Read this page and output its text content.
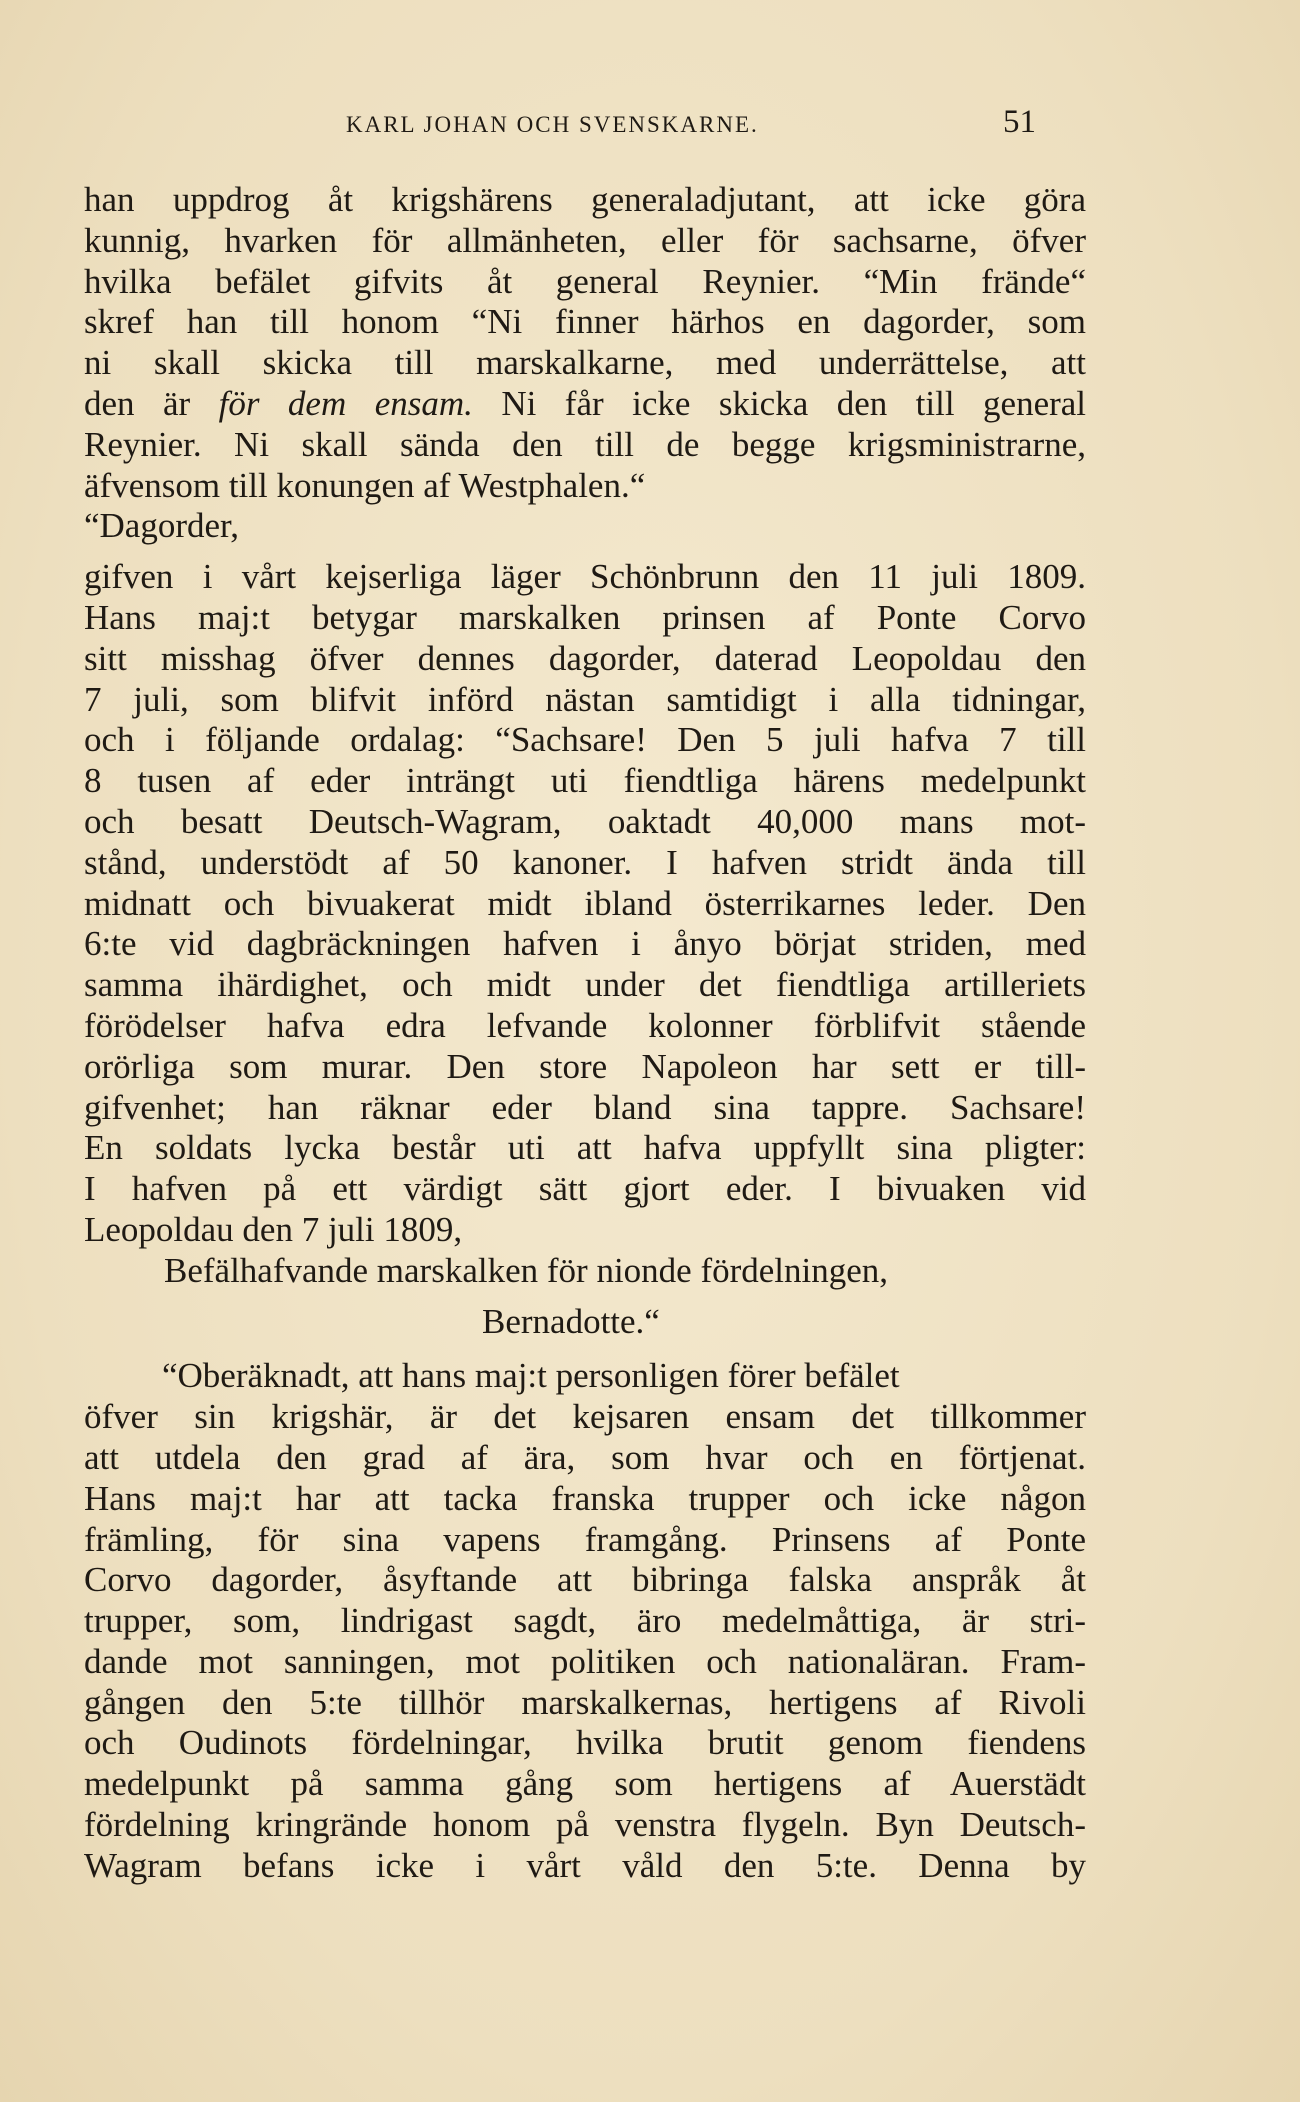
KARL JOHAN OCH SVENSKARNE.	51
han uppdrog åt krigshärens generaladjutant, att icke göra
kunnig, hvarken för allmänheten, eller för sachsarne, öfver
hvilka befälet gifvits åt general Reynier. “Min frände“
skref han till honom “Ni finner härhos en dagorder, som
ni skall skicka till marskalkarne, med underrättelse, att
den är för dem ensam. Ni får icke skicka den till general
Reynier. Ni skall sända den till de begge krigsministrarne,
äfvensom till konungen af Westphalen.“
“Dagorder,
gifven i vårt kejserliga läger Schönbrunn den 11 juli 1809.
Hans maj:t betygar marskalken prinsen af Ponte Corvo
sitt misshag öfver dennes dagorder, daterad Leopoldau den
7 juli, som blifvit införd nästan samtidigt i alla tidningar,
och i följande ordalag: “Sachsare! Den 5 juli hafva 7 till
8 tusen af eder inträngt uti fiendtliga härens medelpunkt
och besatt Deutsch-Wagram, oaktadt 40,000 mans mot-
stånd, understödt af 50 kanoner. I hafven stridt ända till
midnatt och bivuakerat midt ibland österrikarnes leder. Den
6:te vid dagbräckningen hafven i ånyo börjat striden, med
samma ihärdighet, och midt under det fiendtliga artilleriets
förödelser hafva edra lefvande kolonner förblifvit stående
orörliga som murar. Den store Napoleon har sett er till-
gifvenhet; han räknar eder bland sina tappre. Sachsare!
En soldats lycka består uti att hafva uppfyllt sina pligter:
I hafven på ett värdigt sätt gjort eder. I bivuaken vid
Leopoldau den 7 juli 1809,
Befälhafvande marskalken för nionde fördelningen,
Bernadotte.“
“Oberäknadt, att hans maj:t personligen förer befälet
öfver sin krigshär, är det kejsaren ensam det tillkommer
att utdela den grad af ära, som hvar och en förtjenat.
Hans maj:t har att tacka franska trupper och icke någon
främling, för sina vapens framgång. Prinsens af Ponte
Corvo dagorder, åsyftande att bibringa falska anspråk åt
trupper, som, lindrigast sagdt, äro medelmåttiga, är stri-
dande mot sanningen, mot politiken och nationaläran. Fram-
gången den 5:te tillhör marskalkernas, hertigens af Rivoli
och Oudinots fördelningar, hvilka brutit genom fiendens
medelpunkt på samma gång som hertigens af Auerstädt
fördelning kringrände honom på venstra flygeln. Byn Deutsch-
Wagram befans icke i vårt våld den 5:te. Denna by
